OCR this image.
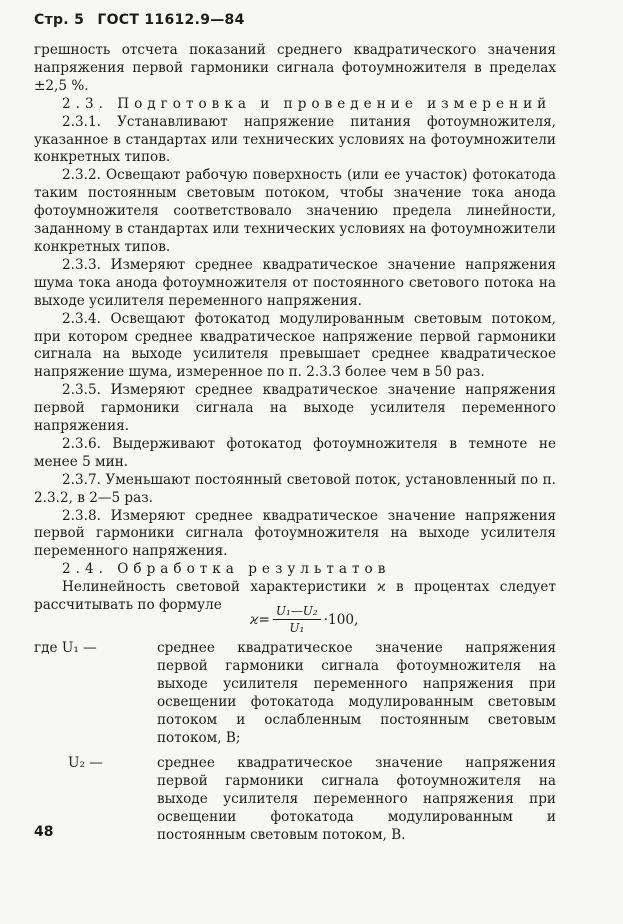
Стр. 5 ГОСТ 11612.9—84

грешность отсчета показаний среднего квадратического значения напряжения первой гармоники сигнала фотоумножителя в пределах ±2,5 %.

2.3. Подготовка и проведение измерений

2.3.1. Устанавливают напряжение питания фотоумножителя, указанное в стандартах или технических условиях на фотоумножители конкретных типов.

2.3.2. Освещают рабочую поверхность (или ее участок) фотокатода таким постоянным световым потоком, чтобы значение тока анода фотоумножителя соответствовало значению предела линейности, заданному в стандартах или технических условиях на фотоумножители конкретных типов.

2.3.3. Измеряют среднее квадратическое значение напряжения шума тока анода фотоумножителя от постоянного светового потока на выходе усилителя переменного напряжения.

2.3.4. Освещают фотокатод модулированным световым потоком, при котором среднее квадратическое напряжение первой гармоники сигнала на выходе усилителя превышает среднее квадратическое напряжение шума, измеренное по п. 2.3.3 более чем в 50 раз.

2.3.5. Измеряют среднее квадратическое значение напряжения первой гармоники сигнала на выходе усилителя переменного напряжения.

2.3.6. Выдерживают фотокатод фотоумножителя в темноте не менее 5 мин.

2.3.7. Уменьшают постоянный световой поток, установленный по п. 2.3.2, в 2—5 раз.

2.3.8. Измеряют среднее квадратическое значение напряжения первой гармоники сигнала фотоумножителя на выходе усилителя переменного напряжения.

2.4. Обработка результатов

Нелинейность световой характеристики ϰ в процентах следует рассчитывать по формуле

$ϰ= \frac{\text{U₁—U₂}}{\text{U₁}} \cdot 100$,
где U₁ —	среднее квадратическое значение напряжения первой гармоники сигнала фотоумножителя на выходе усилителя переменного напряжения при освещении фотокатода модулированным световым потоком и ослабленным постоянным световым потоком, В;
U₂ —	среднее квадратическое значение напряжения первой гармоники сигнала фотоумножителя на выходе усилителя переменного напряжения при освещении фотокатода модулированным и постоянным световым потоком, В.
48
